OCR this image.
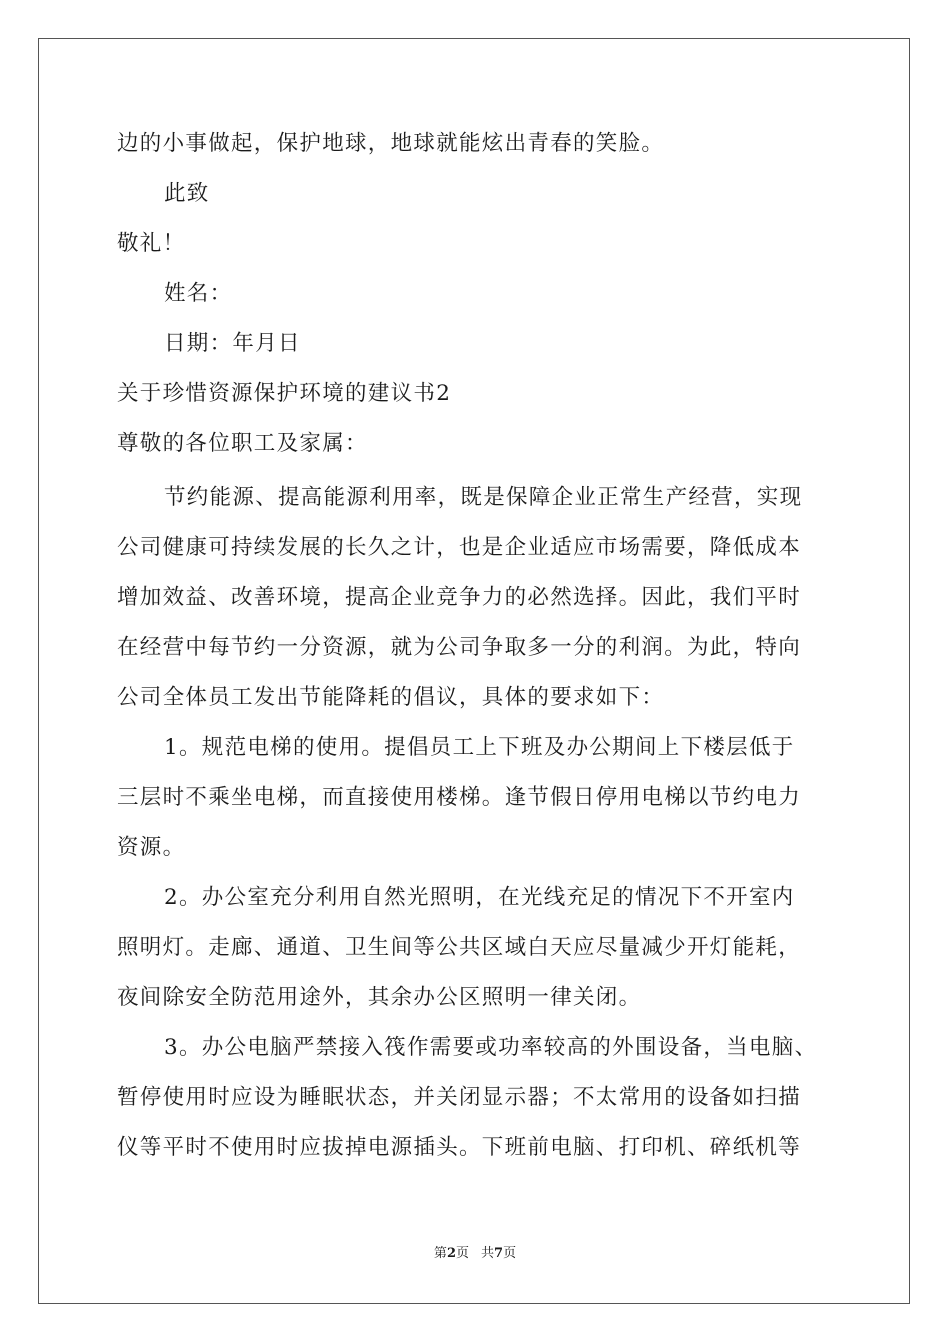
边的小事做起，保护地球，地球就能炫出青春的笑脸。
此致
敬礼！
姓名：
日期：年月日
关于珍惜资源保护环境的建议书2
尊敬的各位职工及家属：
节约能源、提高能源利用率，既是保障企业正常生产经营，实现
公司健康可持续发展的长久之计，也是企业适应市场需要，降低成本
增加效益、改善环境，提高企业竞争力的必然选择。因此，我们平时
在经营中每节约一分资源，就为公司争取多一分的利润。为此，特向
公司全体员工发出节能降耗的倡议，具体的要求如下：
1。规范电梯的使用。提倡员工上下班及办公期间上下楼层低于
三层时不乘坐电梯，而直接使用楼梯。逢节假日停用电梯以节约电力
资源。
2。办公室充分利用自然光照明，在光线充足的情况下不开室内
照明灯。走廊、通道、卫生间等公共区域白天应尽量减少开灯能耗，
夜间除安全防范用途外，其余办公区照明一律关闭。
3。办公电脑严禁接入筏作需要或功率较高的外围设备，当电脑、
暂停使用时应设为睡眠状态，并关闭显示器；不太常用的设备如扫描
仪等平时不使用时应拔掉电源插头。下班前电脑、打印机、碎纸机等
第2页 共7页
